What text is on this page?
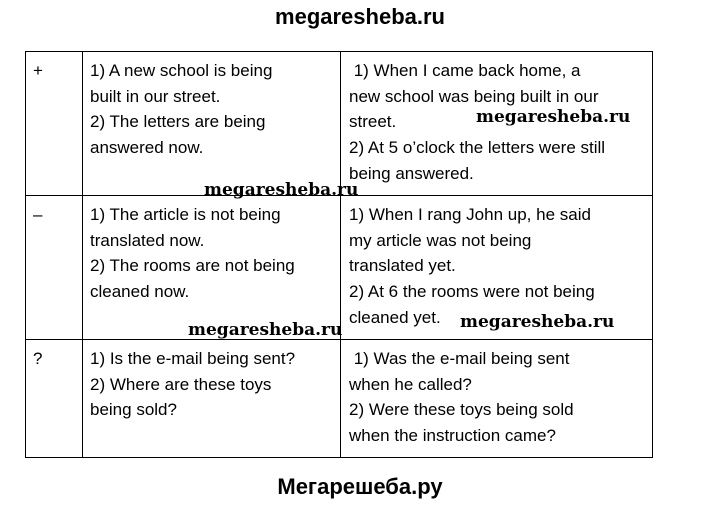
megaresheba.ru
+	1) A new school is being
built in our street.
2) The letters are being
answered now.	1) When I came back home, a
new school was being built in our
street.
2) At 5 o’clock the letters were still
being answered.

–	1) The article is not being
translated now.
2) The rooms are not being
cleaned now.	1) When I rang John up, he said
my article was not being
translated yet.
2) At 6 the rooms were not being
cleaned yet.

?	1) Is the e-mail being sent?
2) Where are these toys
being sold?	1) Was the e-mail being sent
when he called?
2) Were these toys being sold
when the instruction came?
megaresheba.ru
megaresheba.ru
megaresheba.ru	megaresheba.ru
Мегарешеба.ру
